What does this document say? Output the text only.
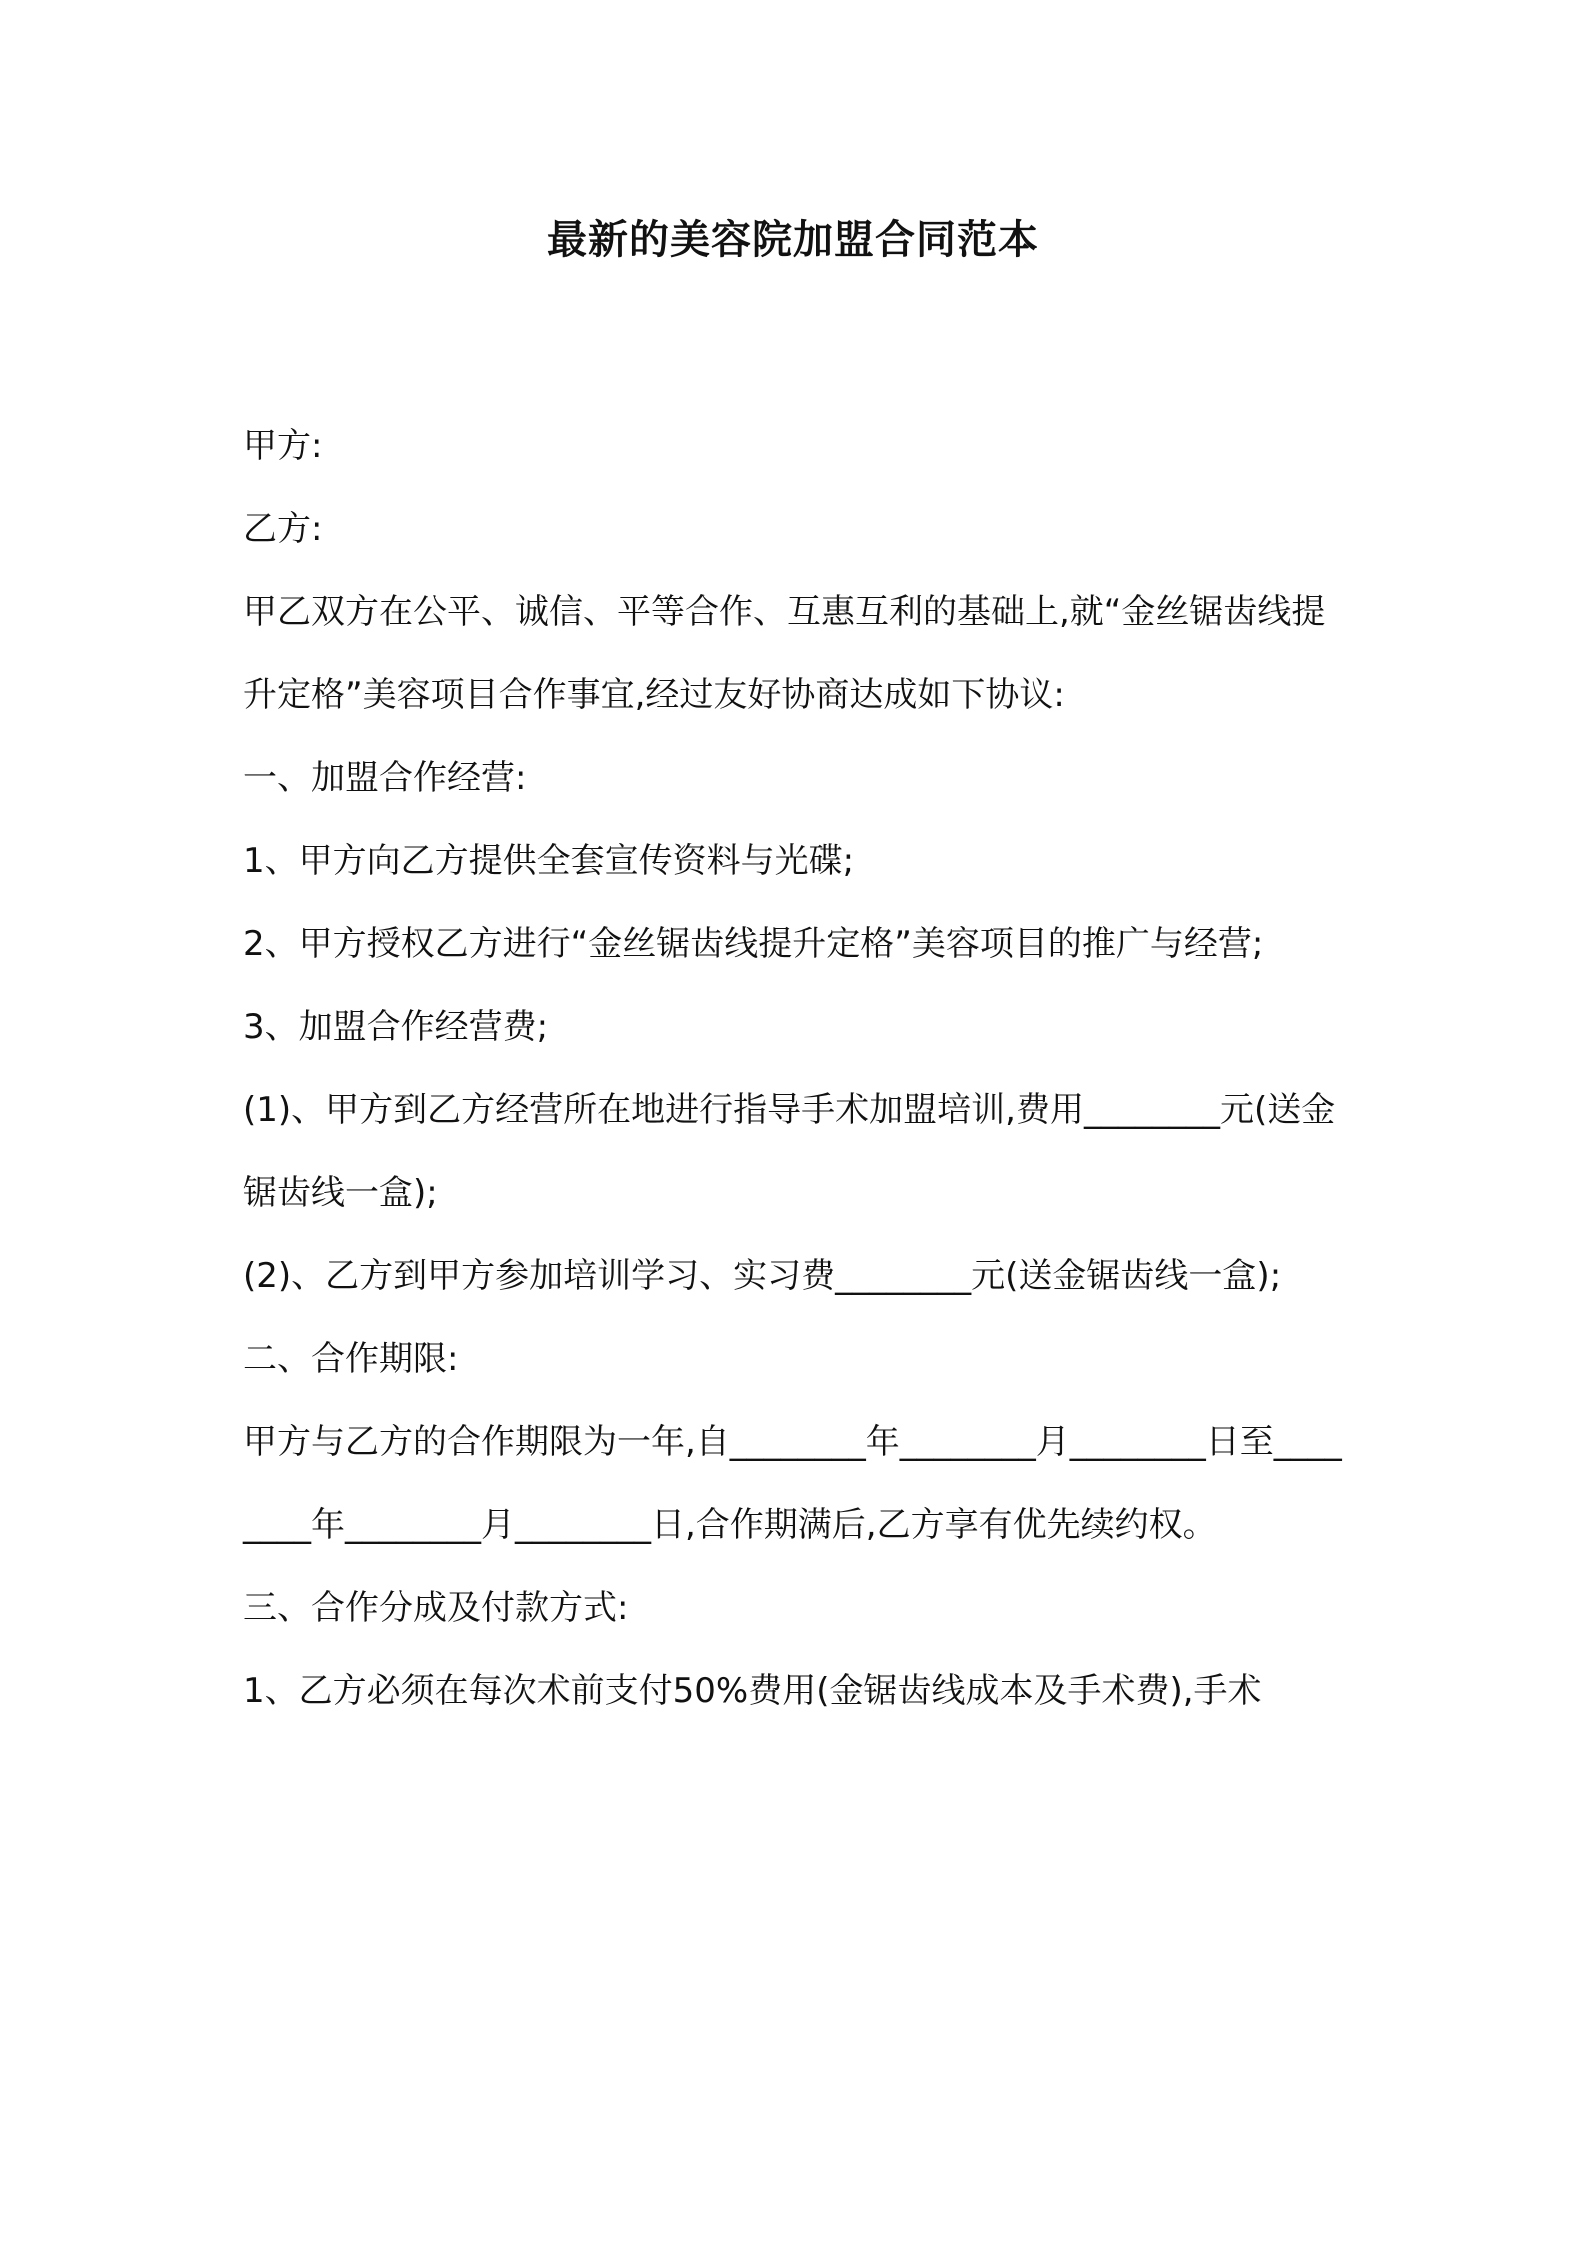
最新的美容院加盟合同范本

甲方:

乙方:

甲乙双方在公平、诚信、平等合作、互惠互利的基础上,就“金丝锯齿线提升定格”美容项目合作事宜,经过友好协商达成如下协议:

一、加盟合作经营:

1、甲方向乙方提供全套宣传资料与光碟;

2、甲方授权乙方进行“金丝锯齿线提升定格”美容项目的推广与经营;

3、加盟合作经营费;

(1)、甲方到乙方经营所在地进行指导手术加盟培训,费用________元(送金锯齿线一盒);

(2)、乙方到甲方参加培训学习、实习费________元(送金锯齿线一盒);

二、合作期限:

甲方与乙方的合作期限为一年,自________年________月________日至________年________月________日,合作期满后,乙方享有优先续约权。

三、合作分成及付款方式:

1、乙方必须在每次术前支付50%费用(金锯齿线成本及手术费),手术
